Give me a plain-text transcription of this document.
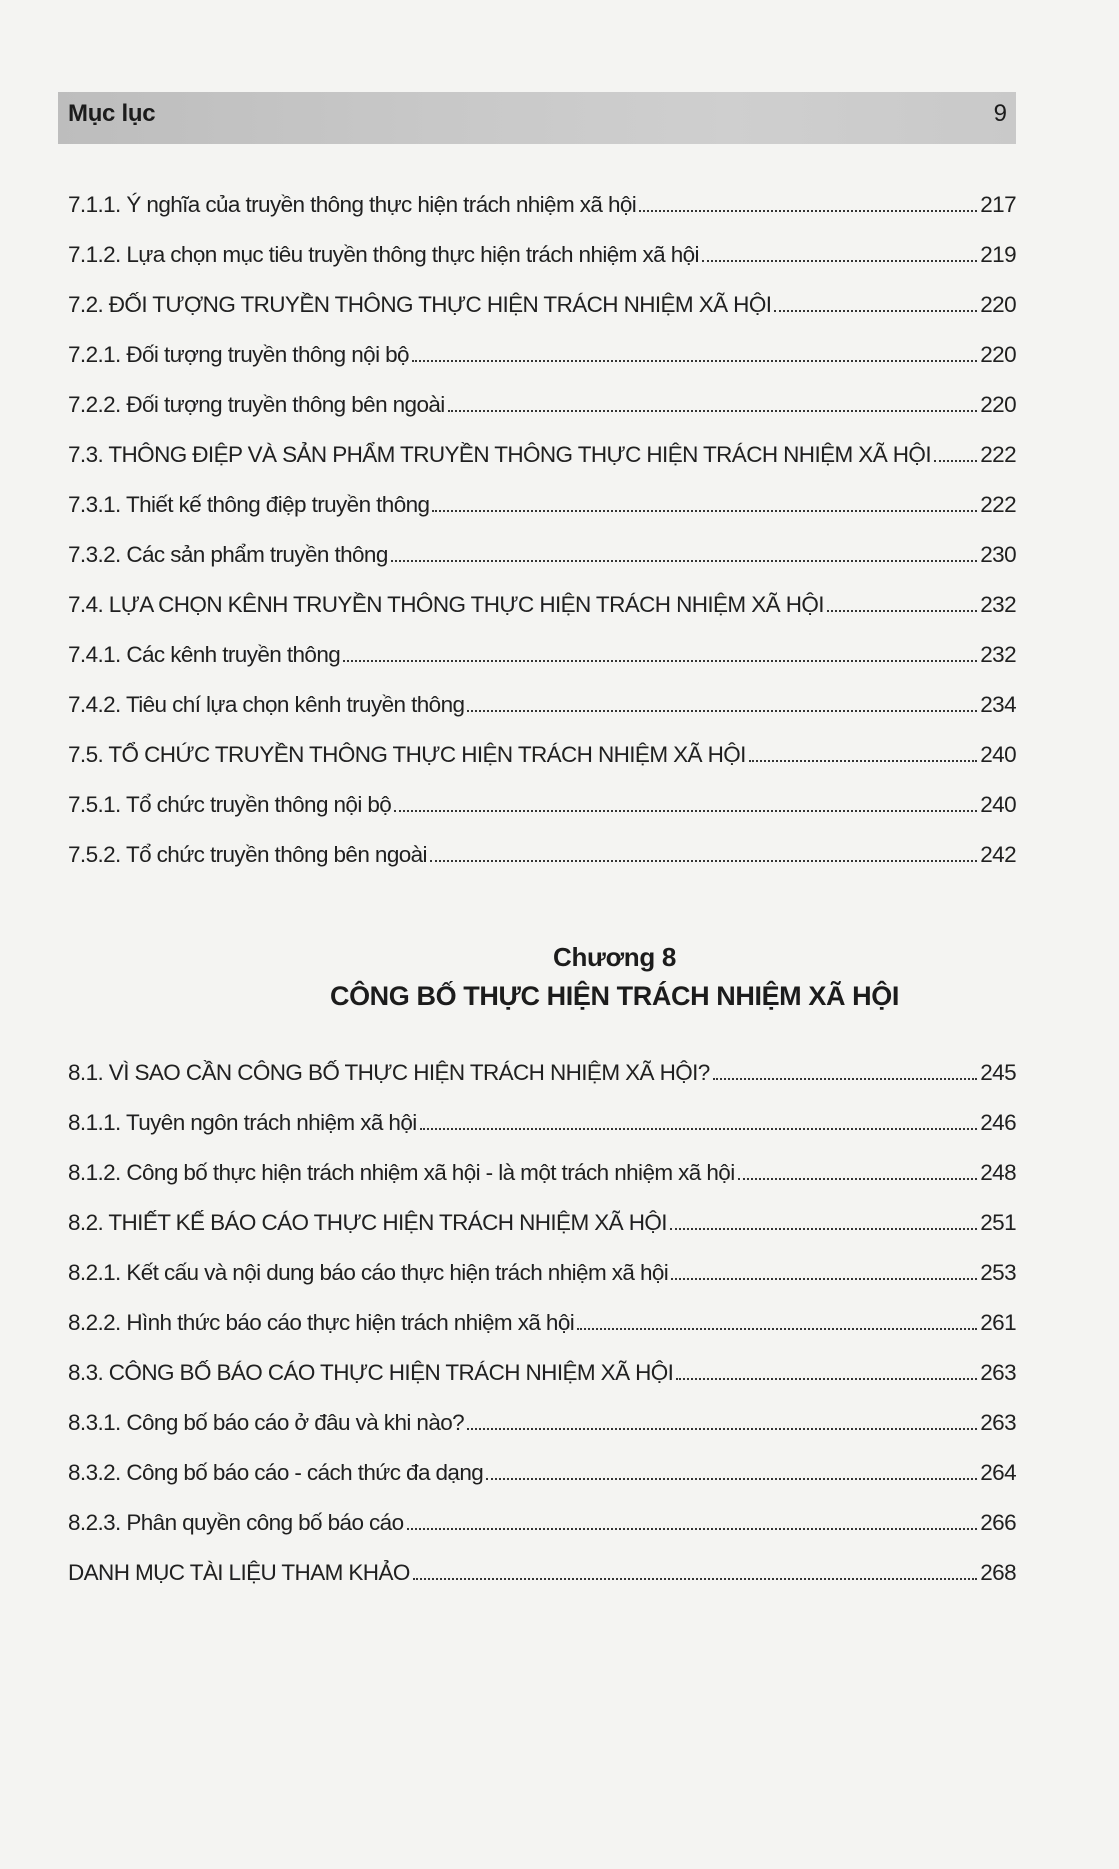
Mục lục	9
7.1.1. Ý nghĩa của truyền thông thực hiện trách nhiệm xã hội	217
7.1.2. Lựa chọn mục tiêu truyền thông thực hiện trách nhiệm xã hội	219
7.2. ĐỐI TƯỢNG TRUYỀN THÔNG THỰC HIỆN TRÁCH NHIỆM XÃ HỘI	220
7.2.1. Đối tượng truyền thông nội bộ	220
7.2.2. Đối tượng truyền thông bên ngoài	220
7.3. THÔNG ĐIỆP VÀ SẢN PHẨM TRUYỀN THÔNG THỰC HIỆN TRÁCH NHIỆM XÃ HỘI 222
7.3.1. Thiết kế thông điệp truyền thông	222
7.3.2. Các sản phẩm truyền thông	230
7.4. LỰA CHỌN KÊNH TRUYỀN THÔNG THỰC HIỆN TRÁCH NHIỆM XÃ HỘI	232
7.4.1. Các kênh truyền thông	232
7.4.2. Tiêu chí lựa chọn kênh truyền thông	234
7.5. TỔ CHỨC TRUYỀN THÔNG THỰC HIỆN TRÁCH NHIỆM XÃ HỘI	240
7.5.1. Tổ chức truyền thông nội bộ	240
7.5.2. Tổ chức truyền thông bên ngoài	242
Chương 8
CÔNG BỐ THỰC HIỆN TRÁCH NHIỆM XÃ HỘI
8.1. VÌ SAO CẦN CÔNG BỐ THỰC HIỆN TRÁCH NHIỆM XÃ HỘI?	245
8.1.1. Tuyên ngôn trách nhiệm xã hội	246
8.1.2. Công bố thực hiện trách nhiệm xã hội - là một trách nhiệm xã hội	248
8.2. THIẾT KẾ BÁO CÁO THỰC HIỆN TRÁCH NHIỆM XÃ HỘI	251
8.2.1. Kết cấu và nội dung báo cáo thực hiện trách nhiệm xã hội	253
8.2.2. Hình thức báo cáo thực hiện trách nhiệm xã hội	261
8.3. CÔNG BỐ BÁO CÁO THỰC HIỆN TRÁCH NHIỆM XÃ HỘI	263
8.3.1. Công bố báo cáo ở đâu và khi nào?	263
8.3.2. Công bố báo cáo - cách thức đa dạng	264
8.2.3. Phân quyền công bố báo cáo	266
DANH MỤC TÀI LIỆU THAM KHẢO	268
